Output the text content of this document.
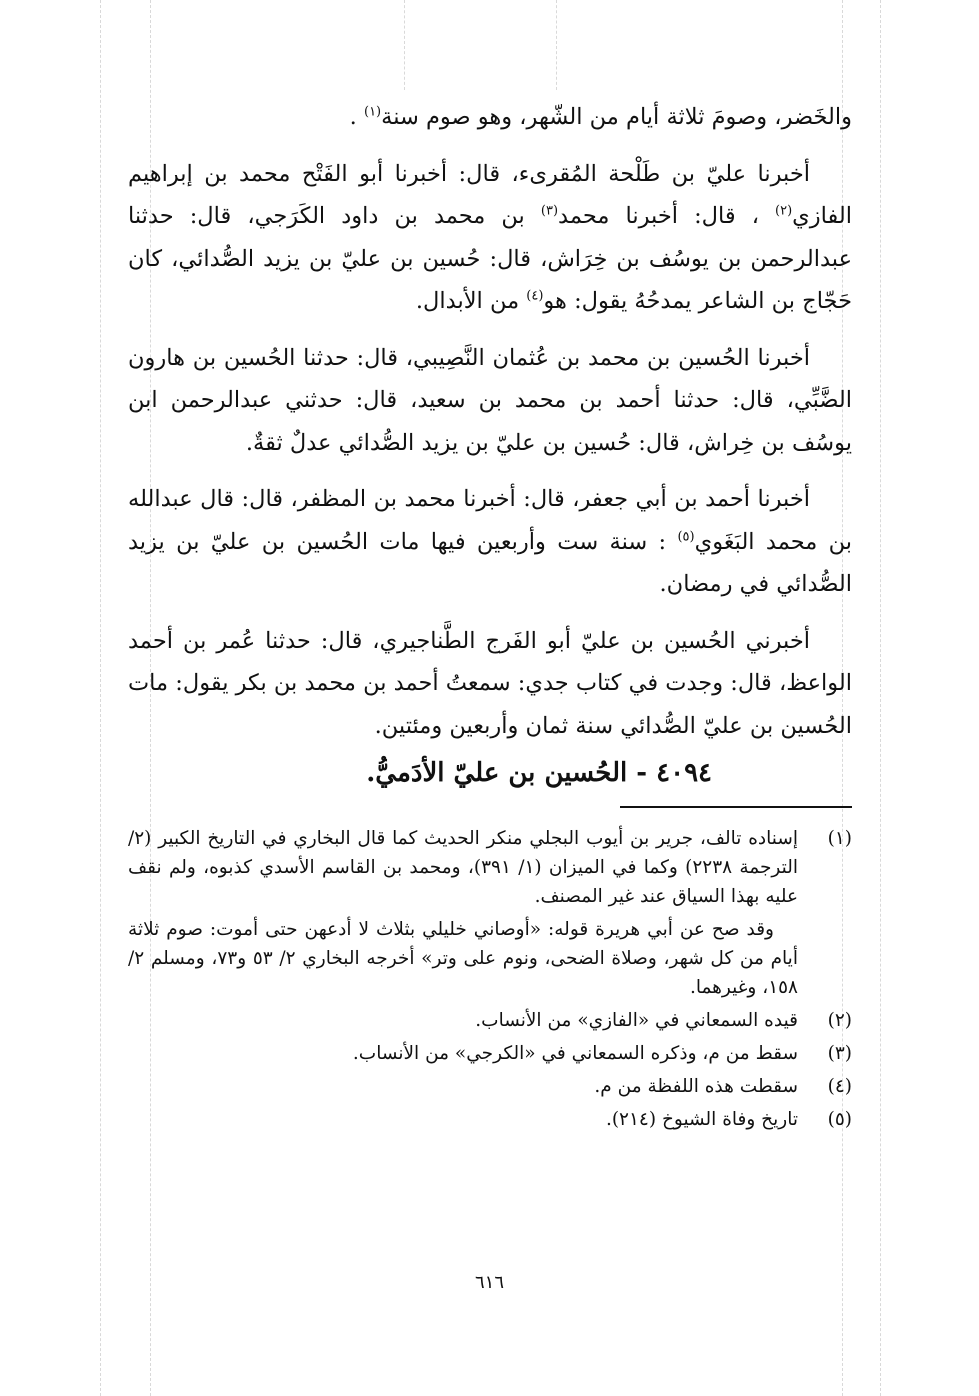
والخَضر، وصومَ ثلاثة أيام من الشّهر، وهو صوم سنة$^{(١)}$ .

أخبرنا عليّ بن طَلْحة المُقرىء، قال: أخبرنا أبو الفَتْح محمد بن إبراهيم الفازي$^{(٢)}$ ، قال: أخبرنا محمد$^{(٣)}$ بن محمد بن داود الكَرَجي، قال: حدثنا عبدالرحمن بن يوسُف بن خِرَاش، قال: حُسين بن عليّ بن يزيد الصُّدائي، كان حَجّاج بن الشاعر يمدحُهُ يقول: هو$^{(٤)}$ من الأبدال.

أخبرنا الحُسين بن محمد بن عُثمان النَّصِيبي، قال: حدثنا الحُسين بن هارون الضَّبِّي، قال: حدثنا أحمد بن محمد بن سعيد، قال: حدثني عبدالرحمن ابن يوسُف بن خِراش، قال: حُسين بن عليّ بن يزيد الصُّدائي عدلٌ ثقةٌ.

أخبرنا أحمد بن أبي جعفر، قال: أخبرنا محمد بن المظفر، قال: قال عبدالله بن محمد البَغَوي$^{(٥)}$ : سنة ست وأربعين فيها مات الحُسين بن عليّ بن يزيد الصُّدائي في رمضان.

أخبرني الحُسين بن عليّ أبو الفَرج الطَّناجيري، قال: حدثنا عُمر بن أحمد الواعظ، قال: وجدت في كتاب جدي: سمعتُ أحمد بن محمد بن بكر يقول: مات الحُسين بن عليّ الصُّدائي سنة ثمان وأربعين ومئتين.

٤٠٩٤ - الحُسين بن عليّ الأدَميُّ.
(١)
إسناده تالف، جرير بن أيوب البجلي منكر الحديث كما قال البخاري في التاريخ الكبير (٢/ الترجمة ٢٢٣٨) وكما في الميزان (١/ ٣٩١)، ومحمد بن القاسم الأسدي كذبوه، ولم نقف عليه بهذا السياق عند غير المصنف.
وقد صح عن أبي هريرة قوله: «أوصاني خليلي بثلاث لا أدعهن حتى أموت: صوم ثلاثة أيام من كل شهر، وصلاة الضحى، ونوم على وتر» أخرجه البخاري ٢/ ٥٣ و٧٣، ومسلم ٢/ ١٥٨، وغيرهما.
(٢)
قيده السمعاني في «الفازي» من الأنساب.
(٣)
سقط من م، وذكره السمعاني في «الكرجي» من الأنساب.
(٤)
سقطت هذه اللفظة من م.
(٥)
تاريخ وفاة الشيوخ (٢١٤).
٦١٦
